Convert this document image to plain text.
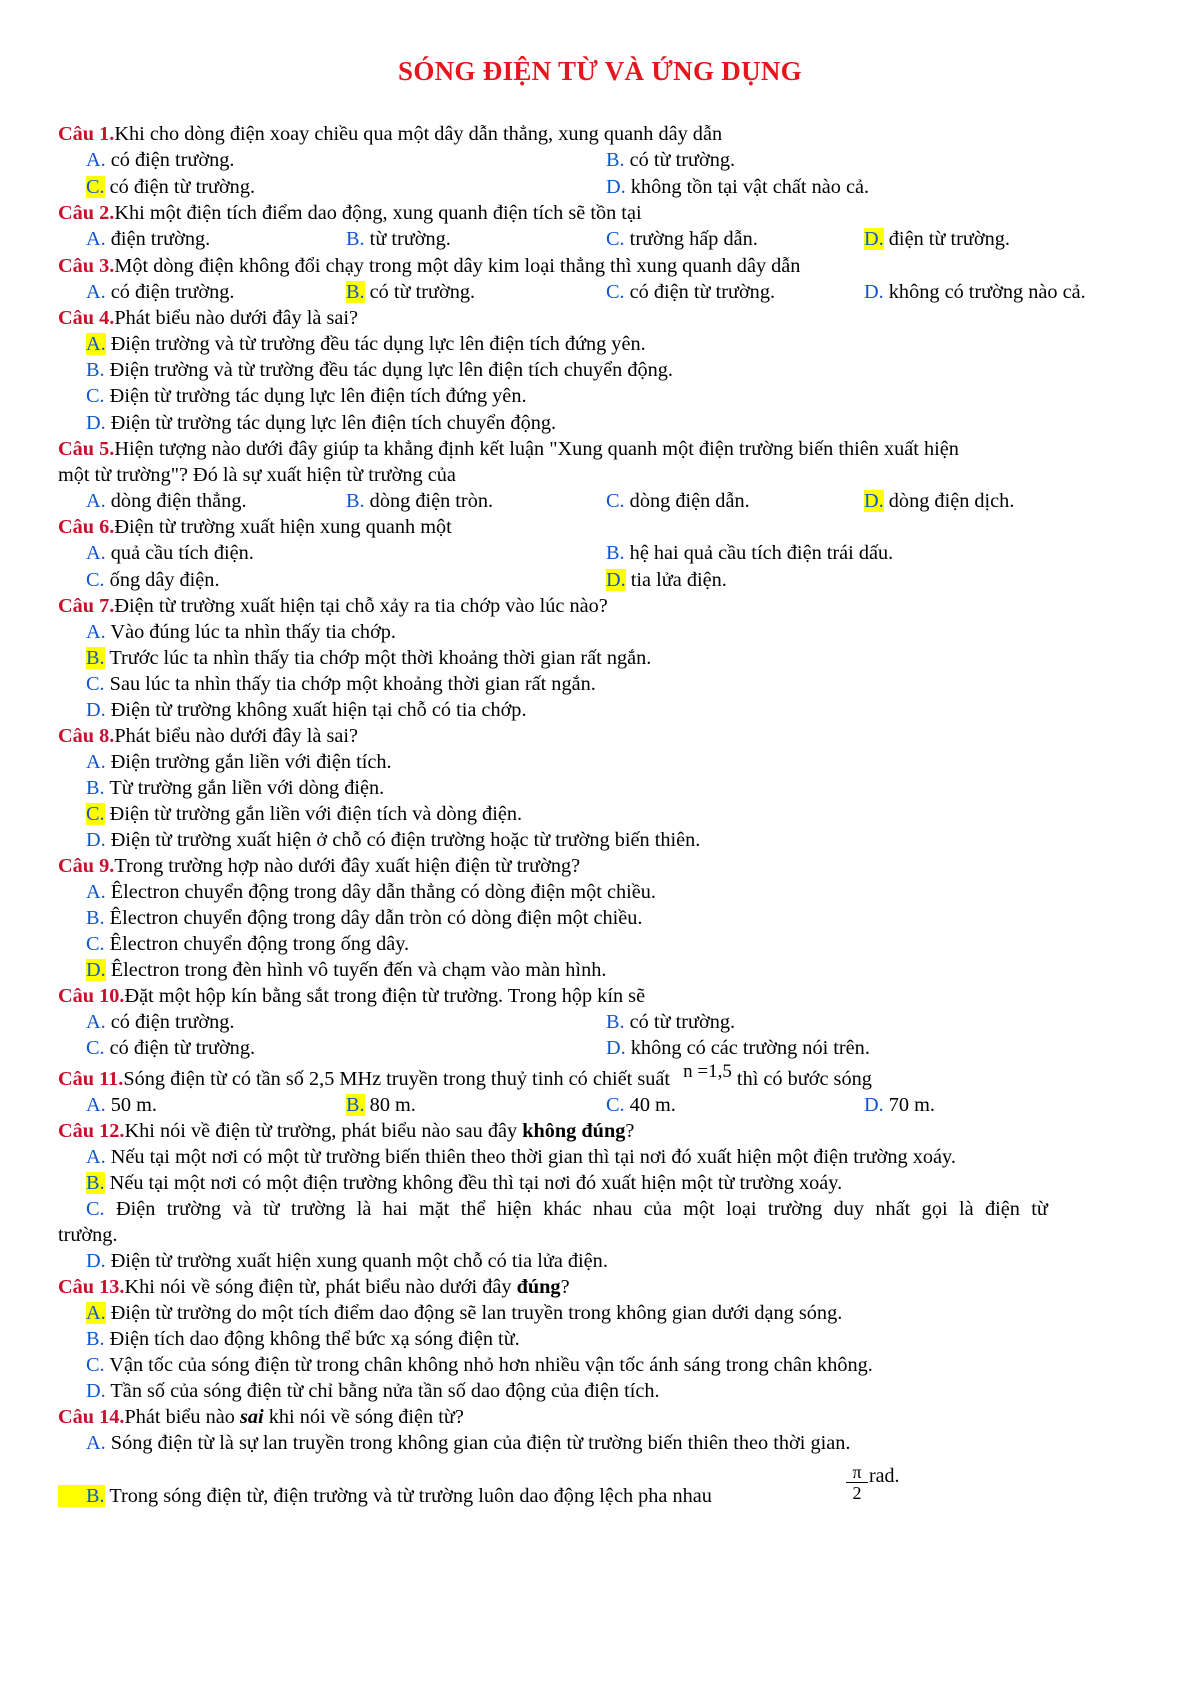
SÓNG ĐIỆN TỪ VÀ ỨNG DỤNG
Câu 1.Khi cho dòng điện xoay chiều qua một dây dẫn thẳng, xung quanh dây dẫn
A. có điện trường.	B. có từ trường.
C. có điện từ trường.	D. không tồn tại vật chất nào cả.
Câu 2.Khi một điện tích điểm dao động, xung quanh điện tích sẽ tồn tại
A. điện trường.	B. từ trường.	C. trường hấp dẫn.	D. điện từ trường.
Câu 3.Một dòng điện không đổi chạy trong một dây kim loại thẳng thì xung quanh dây dẫn
A. có điện trường.	B. có từ trường.	C. có điện từ trường.	D. không có trường nào cả.
Câu 4.Phát biểu nào dưới đây là sai?
A. Điện trường và từ trường đều tác dụng lực lên điện tích đứng yên.
B. Điện trường và từ trường đều tác dụng lực lên điện tích chuyển động.
C. Điện từ trường tác dụng lực lên điện tích đứng yên.
D. Điện từ trường tác dụng lực lên điện tích chuyển động.
Câu 5.Hiện tượng nào dưới đây giúp ta khẳng định kết luận "Xung quanh một điện trường biến thiên xuất hiện
một từ trường"? Đó là sự xuất hiện từ trường của
A. dòng điện thẳng.	B. dòng điện tròn.	C. dòng điện dẫn.	D. dòng điện dịch.
Câu 6.Điện từ trường xuất hiện xung quanh một
A. quả cầu tích điện.	B. hệ hai quả cầu tích điện trái dấu.
C. ống dây điện.	D. tia lửa điện.
Câu 7.Điện từ trường xuất hiện tại chỗ xảy ra tia chớp vào lúc nào?
A. Vào đúng lúc ta nhìn thấy tia chớp.
B. Trước lúc ta nhìn thấy tia chớp một thời khoảng thời gian rất ngắn.
C. Sau lúc ta nhìn thấy tia chớp một khoảng thời gian rất ngắn.
D. Điện từ trường không xuất hiện tại chỗ có tia chớp.
Câu 8.Phát biểu nào dưới đây là sai?
A. Điện trường gắn liền với điện tích.
B. Từ trường gắn liền với dòng điện.
C. Điện từ trường gắn liền với điện tích và dòng điện.
D. Điện từ trường xuất hiện ở chỗ có điện trường hoặc từ trường biến thiên.
Câu 9.Trong trường hợp nào dưới đây xuất hiện điện từ trường?
A. Êlectron chuyển động trong dây dẫn thẳng có dòng điện một chiều.
B. Êlectron chuyển động trong dây dẫn tròn có dòng điện một chiều.
C. Êlectron chuyển động trong ống dây.
D. Êlectron trong đèn hình vô tuyến đến và chạm vào màn hình.
Câu 10.Đặt một hộp kín bằng sắt trong điện từ trường. Trong hộp kín sẽ
A. có điện trường.	B. có từ trường.
C. có điện từ trường.	D. không có các trường nói trên.
Câu 11.Sóng điện từ có tần số 2,5 MHz truyền trong thuỷ tinh có chiết suất n =1,5 thì có bước sóng
A. 50 m.	B. 80 m.	C. 40 m.	D. 70 m.
Câu 12.Khi nói về điện từ trường, phát biểu nào sau đây không đúng?
A. Nếu tại một nơi có một từ trường biến thiên theo thời gian thì tại nơi đó xuất hiện một điện trường xoáy.
B. Nếu tại một nơi có một điện trường không đều thì tại nơi đó xuất hiện một từ trường xoáy.
C. Điện trường và từ trường là hai mặt thể hiện khác nhau của một loại trường duy nhất gọi là điện từ
trường.
D. Điện từ trường xuất hiện xung quanh một chỗ có tia lửa điện.
Câu 13.Khi nói về sóng điện từ, phát biểu nào dưới đây đúng?
A. Điện từ trường do một tích điểm dao động sẽ lan truyền trong không gian dưới dạng sóng.
B. Điện tích dao động không thể bức xạ sóng điện từ.
C. Vận tốc của sóng điện từ trong chân không nhỏ hơn nhiều vận tốc ánh sáng trong chân không.
D. Tần số của sóng điện từ chỉ bằng nửa tần số dao động của điện tích.
Câu 14.Phát biểu nào sai khi nói về sóng điện từ?
A. Sóng điện từ là sự lan truyền trong không gian của điện từ trường biến thiên theo thời gian.
$\frac{\pi}{2}$ rad.
B. Trong sóng điện từ, điện trường và từ trường luôn dao động lệch pha nhau
